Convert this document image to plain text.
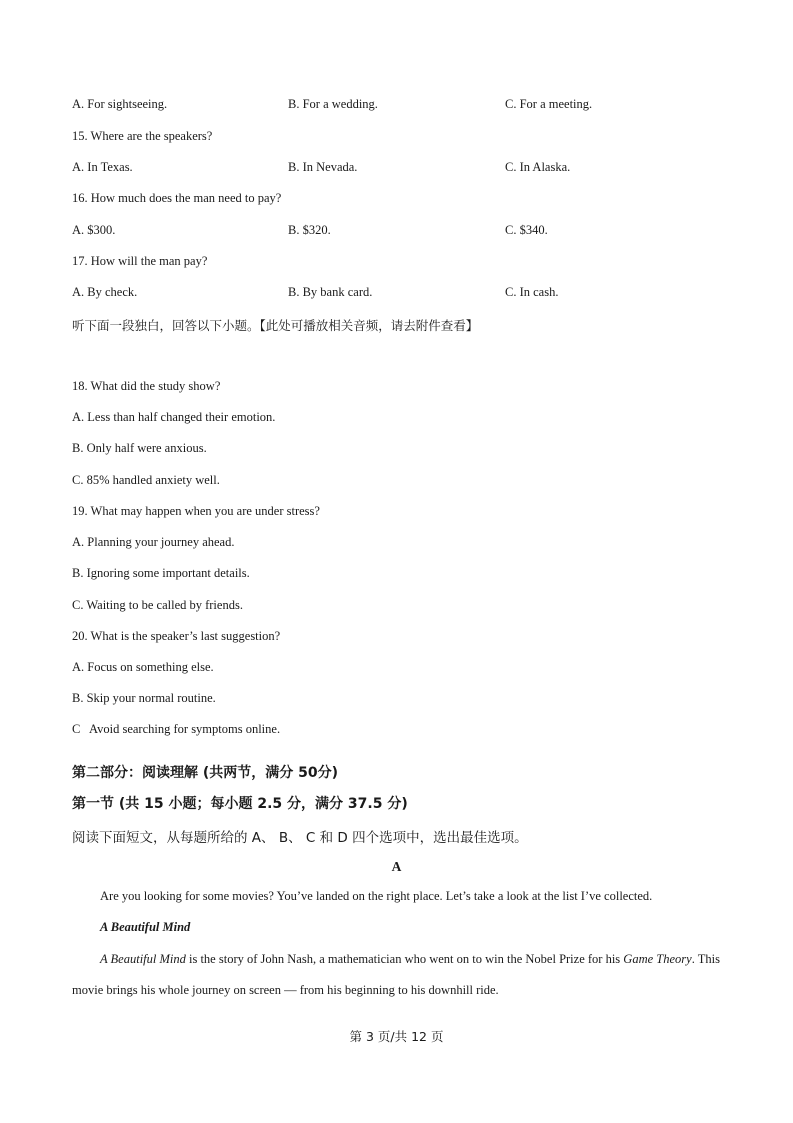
A. For sightseeing.	B. For a wedding.	C. For a meeting.
15. Where are the speakers?
A. In Texas.	B. In Nevada.	C. In Alaska.
16. How much does the man need to pay?
A. $300.	B. $320.	C. $340.
17. How will the man pay?
A. By check.	B. By bank card.	C. In cash.
听下面一段独白，回答以下小题。【此处可播放相关音频，请去附件查看】
18. What did the study show?
A. Less than half changed their emotion.
B. Only half were anxious.
C. 85% handled anxiety well.
19. What may happen when you are under stress?
A. Planning your journey ahead.
B. Ignoring some important details.
C. Waiting to be called by friends.
20. What is the speaker’s last suggestion?
A. Focus on something else.
B. Skip your normal routine.
C   Avoid searching for symptoms online.
第二部分：阅读理解 (共两节，满分 50分)
第一节 (共 15 小题；每小题 2.5 分，满分 37.5 分)
阅读下面短文，从每题所给的 A、 B、 C 和 D 四个选项中，选出最佳选项。
A
Are you looking for some movies? You’ve landed on the right place. Let’s take a look at the list I’ve collected.
A Beautiful Mind
A Beautiful Mind is the story of John Nash, a mathematician who went on to win the Nobel Prize for his Game Theory. This movie brings his whole journey on screen — from his beginning to his downhill ride.
第 3 页/共 12 页
